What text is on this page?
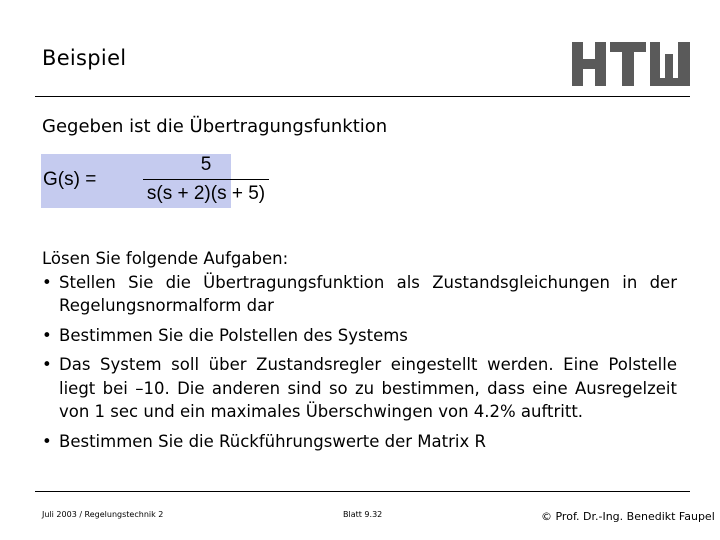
Beispiel
Gegeben ist die Übertragungsfunktion
G(s) =
5
s(s + 2)(s + 5)

Lösen Sie folgende Aufgaben:

• Stellen Sie die Übertragungsfunktion als Zustandsgleichungen in der Regelungsnormalform dar
• Bestimmen Sie die Polstellen des Systems
• Das System soll über Zustandsregler eingestellt werden. Eine Polstelle liegt bei –10. Die anderen sind so zu bestimmen, dass eine Ausregelzeit von 1 sec und ein maximales Überschwingen von 4.2% auftritt.
• Bestimmen Sie die Rückführungswerte der Matrix R
Juli 2003 / Regelungstechnik 2	Blatt 9.32	© Prof. Dr.-Ing. Benedikt Faupel
